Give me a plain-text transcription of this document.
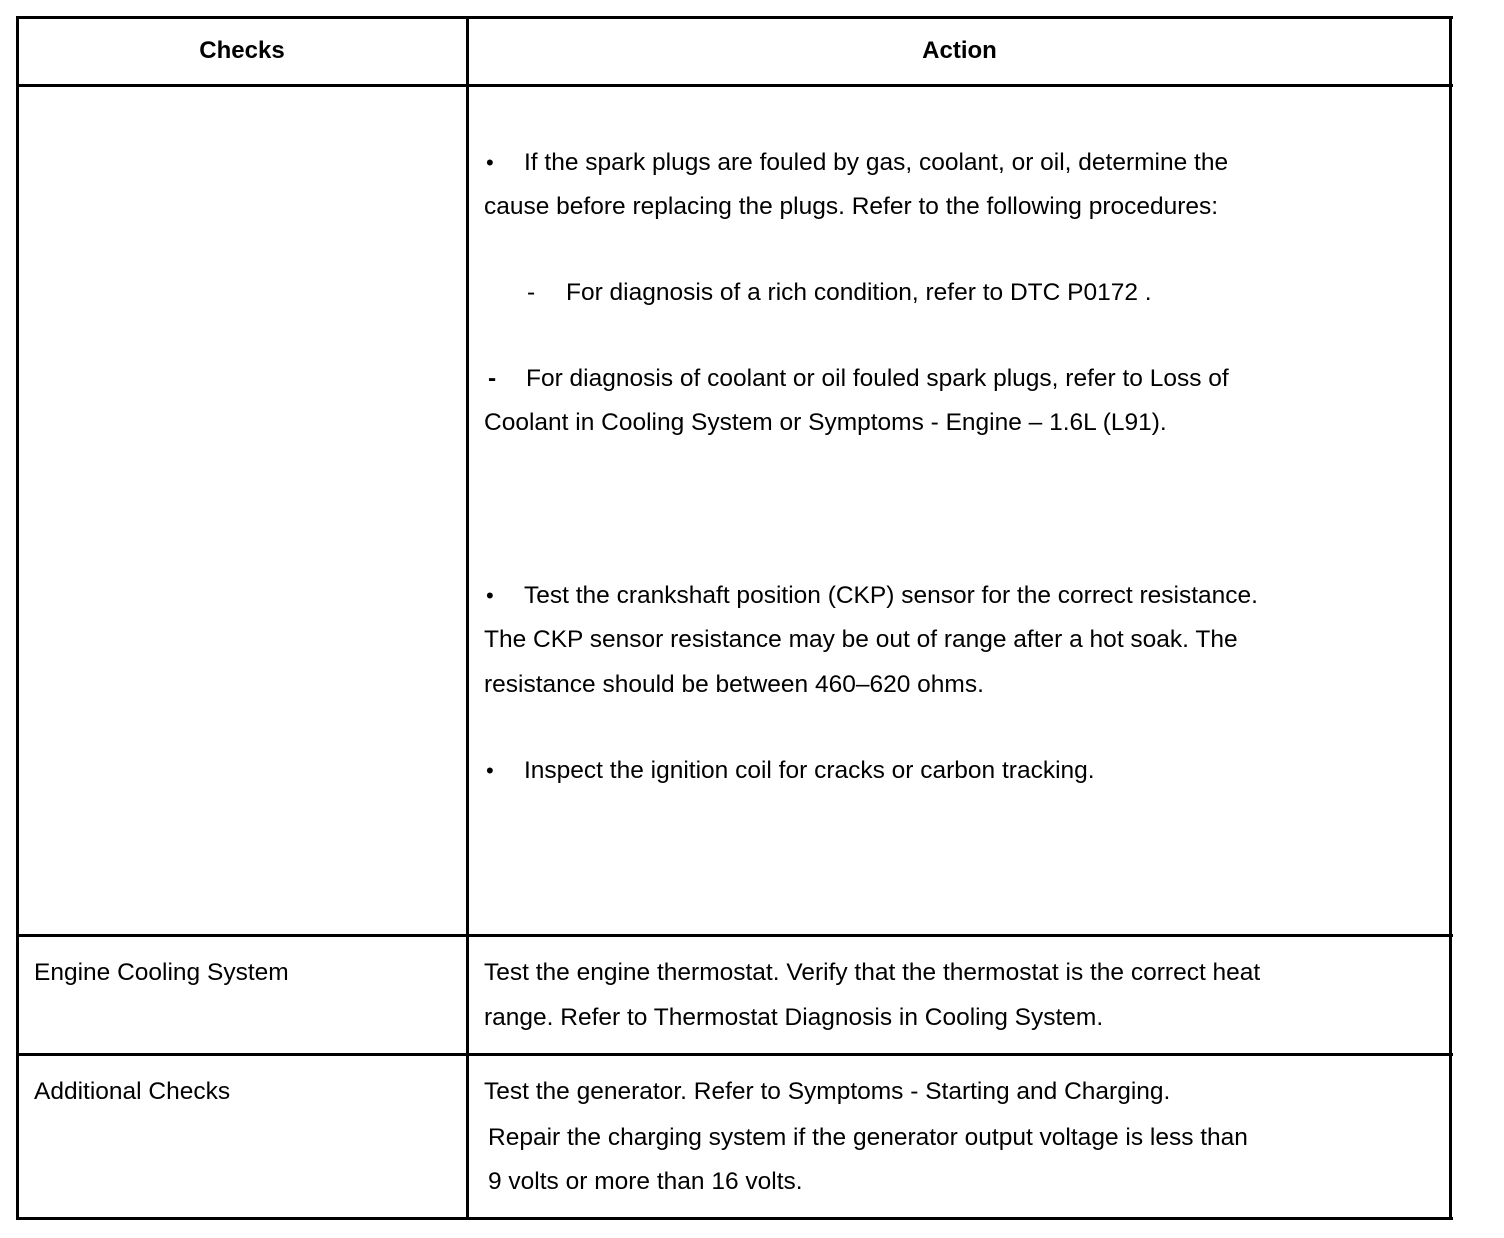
Checks	Action
• If the spark plugs are fouled by gas, coolant, or oil, determine the
cause before replacing the plugs. Refer to the following procedures:
- For diagnosis of a rich condition, refer to DTC P0172 .
- For diagnosis of coolant or oil fouled spark plugs, refer to Loss of
Coolant in Cooling System or Symptoms - Engine – 1.6L (L91).
• Test the crankshaft position (CKP) sensor for the correct resistance.
The CKP sensor resistance may be out of range after a hot soak. The
resistance should be between 460–620 ohms.
• Inspect the ignition coil for cracks or carbon tracking.
Engine Cooling System	Test the engine thermostat. Verify that the thermostat is the correct heat
range. Refer to Thermostat Diagnosis in Cooling System.
Additional Checks	Test the generator. Refer to Symptoms - Starting and Charging.
Repair the charging system if the generator output voltage is less than
9 volts or more than 16 volts.
